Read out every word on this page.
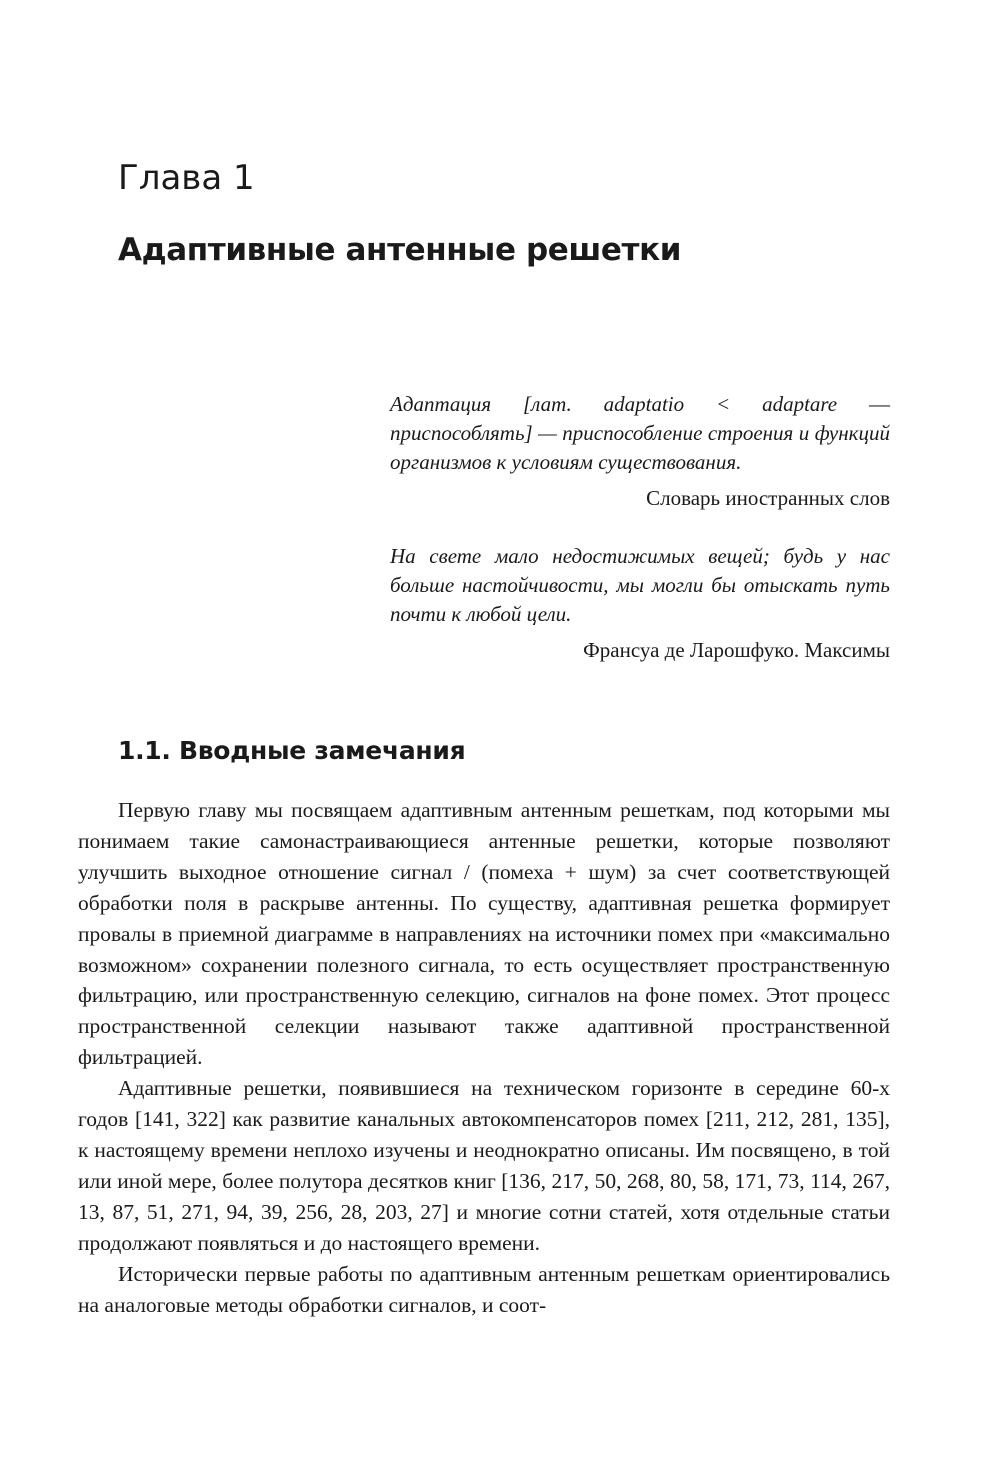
Глава 1
Адаптивные антенные решетки

Адаптация [лат. adaptatio < adaptare –– приспособлять] — приспособление строения и функций организмов к условиям существования.

Словарь иностранных слов

На свете мало недостижимых вещей; будь у нас больше настойчивости, мы могли бы отыскать путь почти к любой цели.

Франсуа де Ларошфуко. Максимы

1.1. Вводные замечания

Первую главу мы посвящаем адаптивным антенным решеткам, под которыми мы понимаем такие самонастраивающиеся антенные решетки, которые позволяют улучшить выходное отношение сигнал / (помеха + шум) за счет соответствующей обработки поля в раскрыве антенны. По существу, адаптивная решетка формирует провалы в приемной диаграмме в направлениях на источники помех при «максимально возможном» сохранении полезного сигнала, то есть осуществляет пространственную фильтрацию, или пространственную селекцию, сигналов на фоне помех. Этот процесс пространственной селекции называют также адаптивной пространственной фильтрацией.

Адаптивные решетки, появившиеся на техническом горизонте в середине 60-х годов [141, 322] как развитие канальных автокомпенсаторов помех [211, 212, 281, 135], к настоящему времени неплохо изучены и неоднократно описаны. Им посвящено, в той или иной мере, более полутора десятков книг [136, 217, 50, 268, 80, 58, 171, 73, 114, 267, 13, 87, 51, 271, 94, 39, 256, 28, 203, 27] и многие сотни статей, хотя отдельные статьи продолжают появляться и до настоящего времени.

Исторически первые работы по адаптивным антенным решеткам ориентировались на аналоговые методы обработки сигналов, и соот-
